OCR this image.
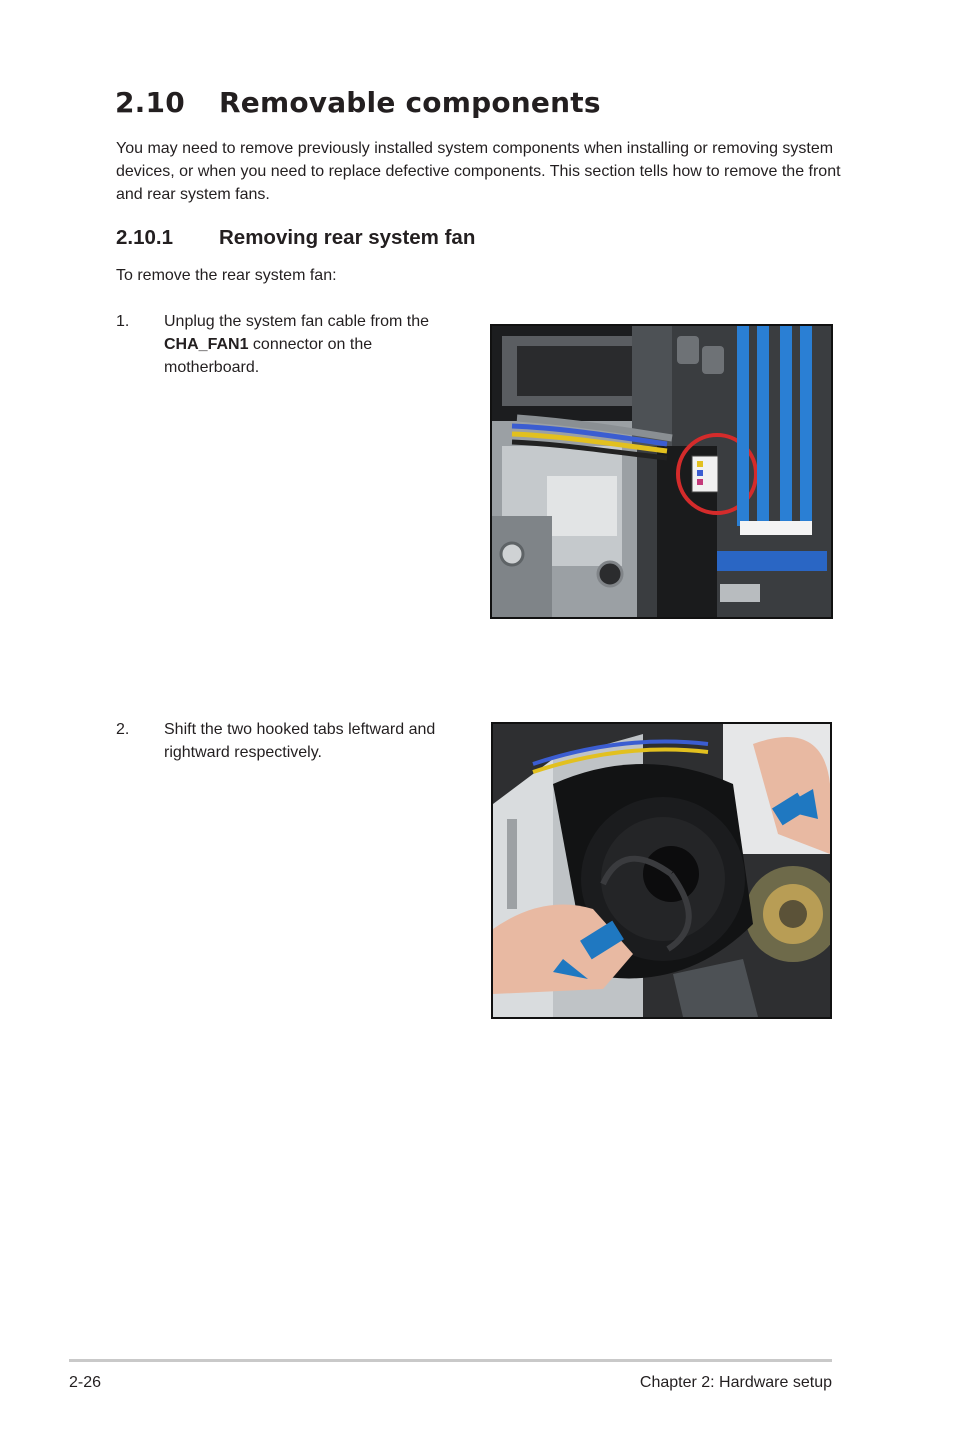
2.10 Removable components

You may need to remove previously installed system components when installing or removing system devices, or when you need to replace defective components. This section tells how to remove the front and rear system fans.

2.10.1 Removing rear system fan

To remove the rear system fan:

1. Unplug the system fan cable from the CHA_FAN1 connector on the motherboard.
2. Shift the two hooked tabs leftward and rightward respectively.
2-26	Chapter 2: Hardware setup
